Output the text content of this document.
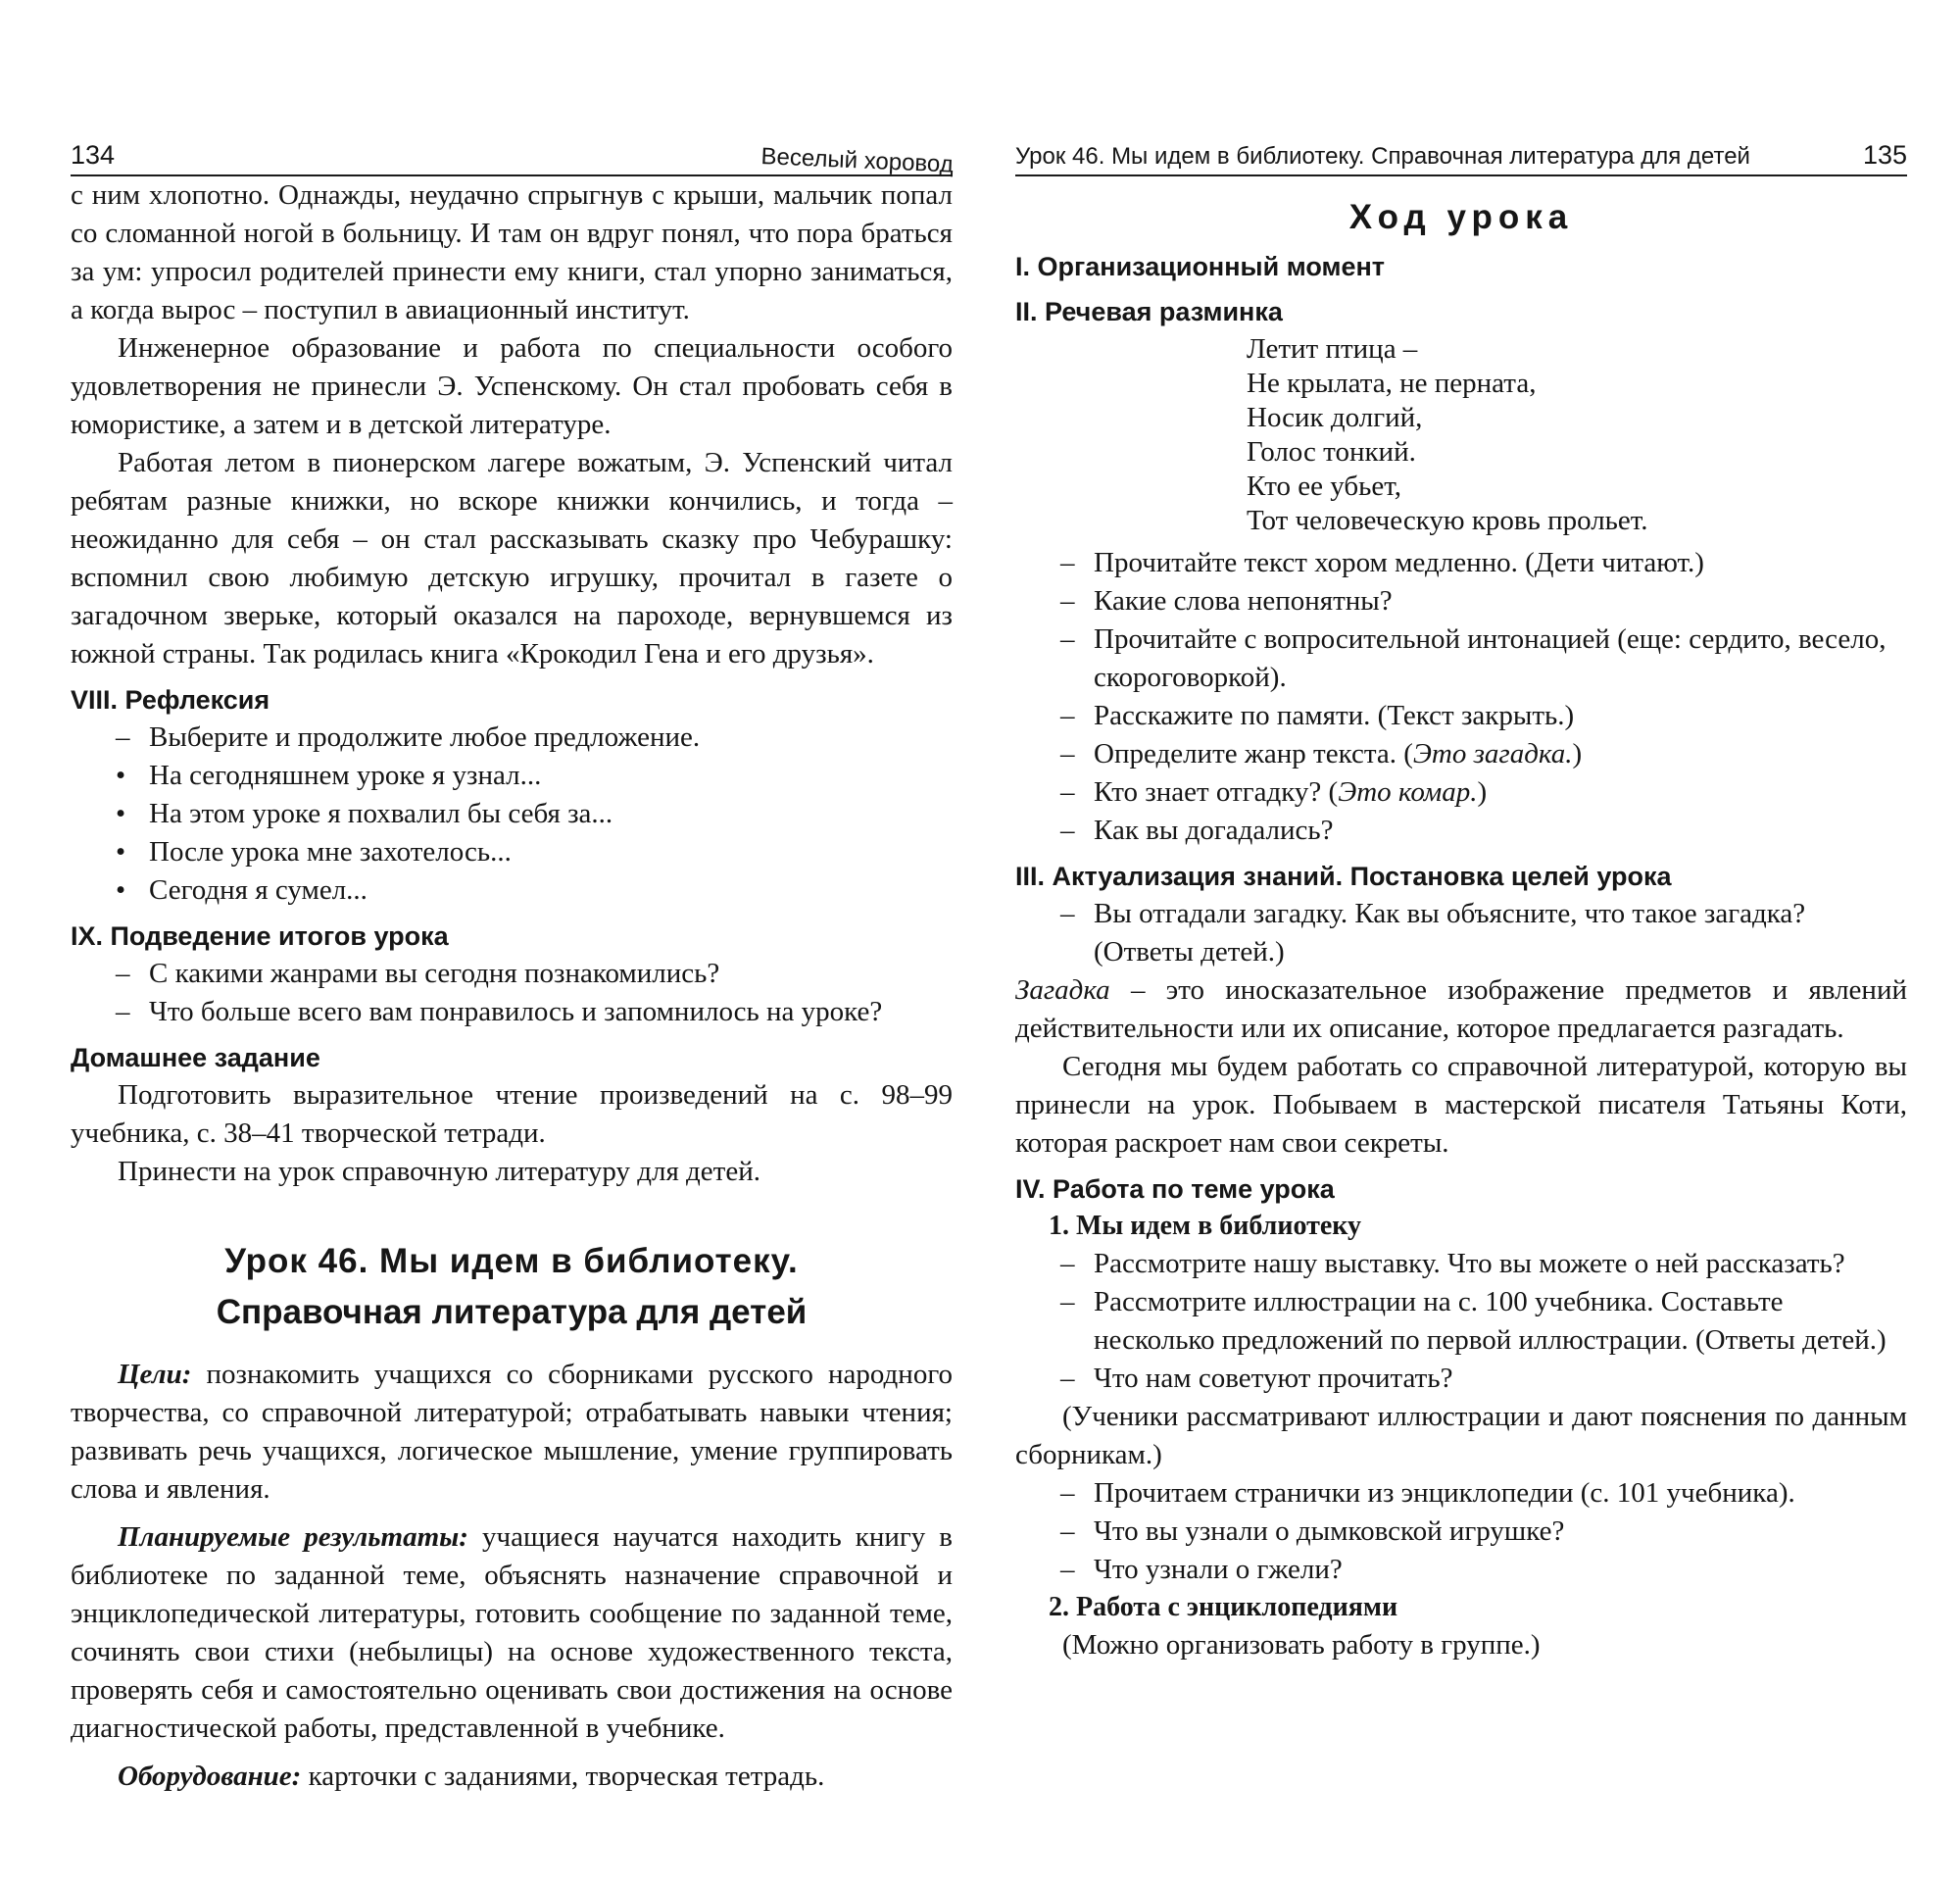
134	Веселый хоровод
с ним хлопотно. Однажды, неудачно спрыгнув с крыши, мальчик попал со сломанной ногой в больницу. И там он вдруг понял, что пора браться за ум: упросил родителей принести ему книги, стал упорно заниматься, а когда вырос – поступил в авиационный институт.
Инженерное образование и работа по специальности особого удовлетворения не принесли Э. Успенскому. Он стал пробовать себя в юмористике, а затем и в детской литературе.
Работая летом в пионерском лагере вожатым, Э. Успенский читал ребятам разные книжки, но вскоре книжки кончились, и тогда – неожиданно для себя – он стал рассказывать сказку про Чебурашку: вспомнил свою любимую детскую игрушку, прочитал в газете о загадочном зверьке, который оказался на пароходе, вернувшемся из южной страны. Так родилась книга «Крокодил Гена и его друзья».
VIII. Рефлексия
– Выберите и продолжите любое предложение.
• На сегодняшнем уроке я узнал...
• На этом уроке я похвалил бы себя за...
• После урока мне захотелось...
• Сегодня я сумел...
IX. Подведение итогов урока
– С какими жанрами вы сегодня познакомились?
– Что больше всего вам понравилось и запомнилось на уроке?
Домашнее задание
Подготовить выразительное чтение произведений на с. 98–99 учебника, с. 38–41 творческой тетради.
Принести на урок справочную литературу для детей.
Урок 46. Мы идем в библиотеку.
Справочная литература для детей
Цели: познакомить учащихся со сборниками русского народного творчества, со справочной литературой; отрабатывать навыки чтения; развивать речь учащихся, логическое мышление, умение группировать слова и явления.
Планируемые результаты: учащиеся научатся находить книгу в библиотеке по заданной теме, объяснять назначение справочной и энциклопедической литературы, готовить сообщение по заданной теме, сочинять свои стихи (небылицы) на основе художественного текста, проверять себя и самостоятельно оценивать свои достижения на основе диагностической работы, представленной в учебнике.
Оборудование: карточки с заданиями, творческая тетрадь.
Урок 46. Мы идем в библиотеку. Справочная литература для детей	135
Ход урока
I. Организационный момент
II. Речевая разминка
Летит птица –
Не крылата, не перната,
Носик долгий,
Голос тонкий.
Кто ее убьет,
Тот человеческую кровь прольет.
– Прочитайте текст хором медленно. (Дети читают.)
– Какие слова непонятны?
– Прочитайте с вопросительной интонацией (еще: сердито, весело, скороговоркой).
– Расскажите по памяти. (Текст закрыть.)
– Определите жанр текста. (Это загадка.)
– Кто знает отгадку? (Это комар.)
– Как вы догадались?
III. Актуализация знаний. Постановка целей урока
– Вы отгадали загадку. Как вы объясните, что такое загадка? (Ответы детей.)
Загадка – это иносказательное изображение предметов и явлений действительности или их описание, которое предлагается разгадать.
Сегодня мы будем работать со справочной литературой, которую вы принесли на урок. Побываем в мастерской писателя Татьяны Коти, которая раскроет нам свои секреты.
IV. Работа по теме урока
1. Мы идем в библиотеку
– Рассмотрите нашу выставку. Что вы можете о ней рассказать?
– Рассмотрите иллюстрации на с. 100 учебника. Составьте несколько предложений по первой иллюстрации. (Ответы детей.)
– Что нам советуют прочитать?
(Ученики рассматривают иллюстрации и дают пояснения по данным сборникам.)
– Прочитаем странички из энциклопедии (с. 101 учебника).
– Что вы узнали о дымковской игрушке?
– Что узнали о гжели?
2. Работа с энциклопедиями
(Можно организовать работу в группе.)
